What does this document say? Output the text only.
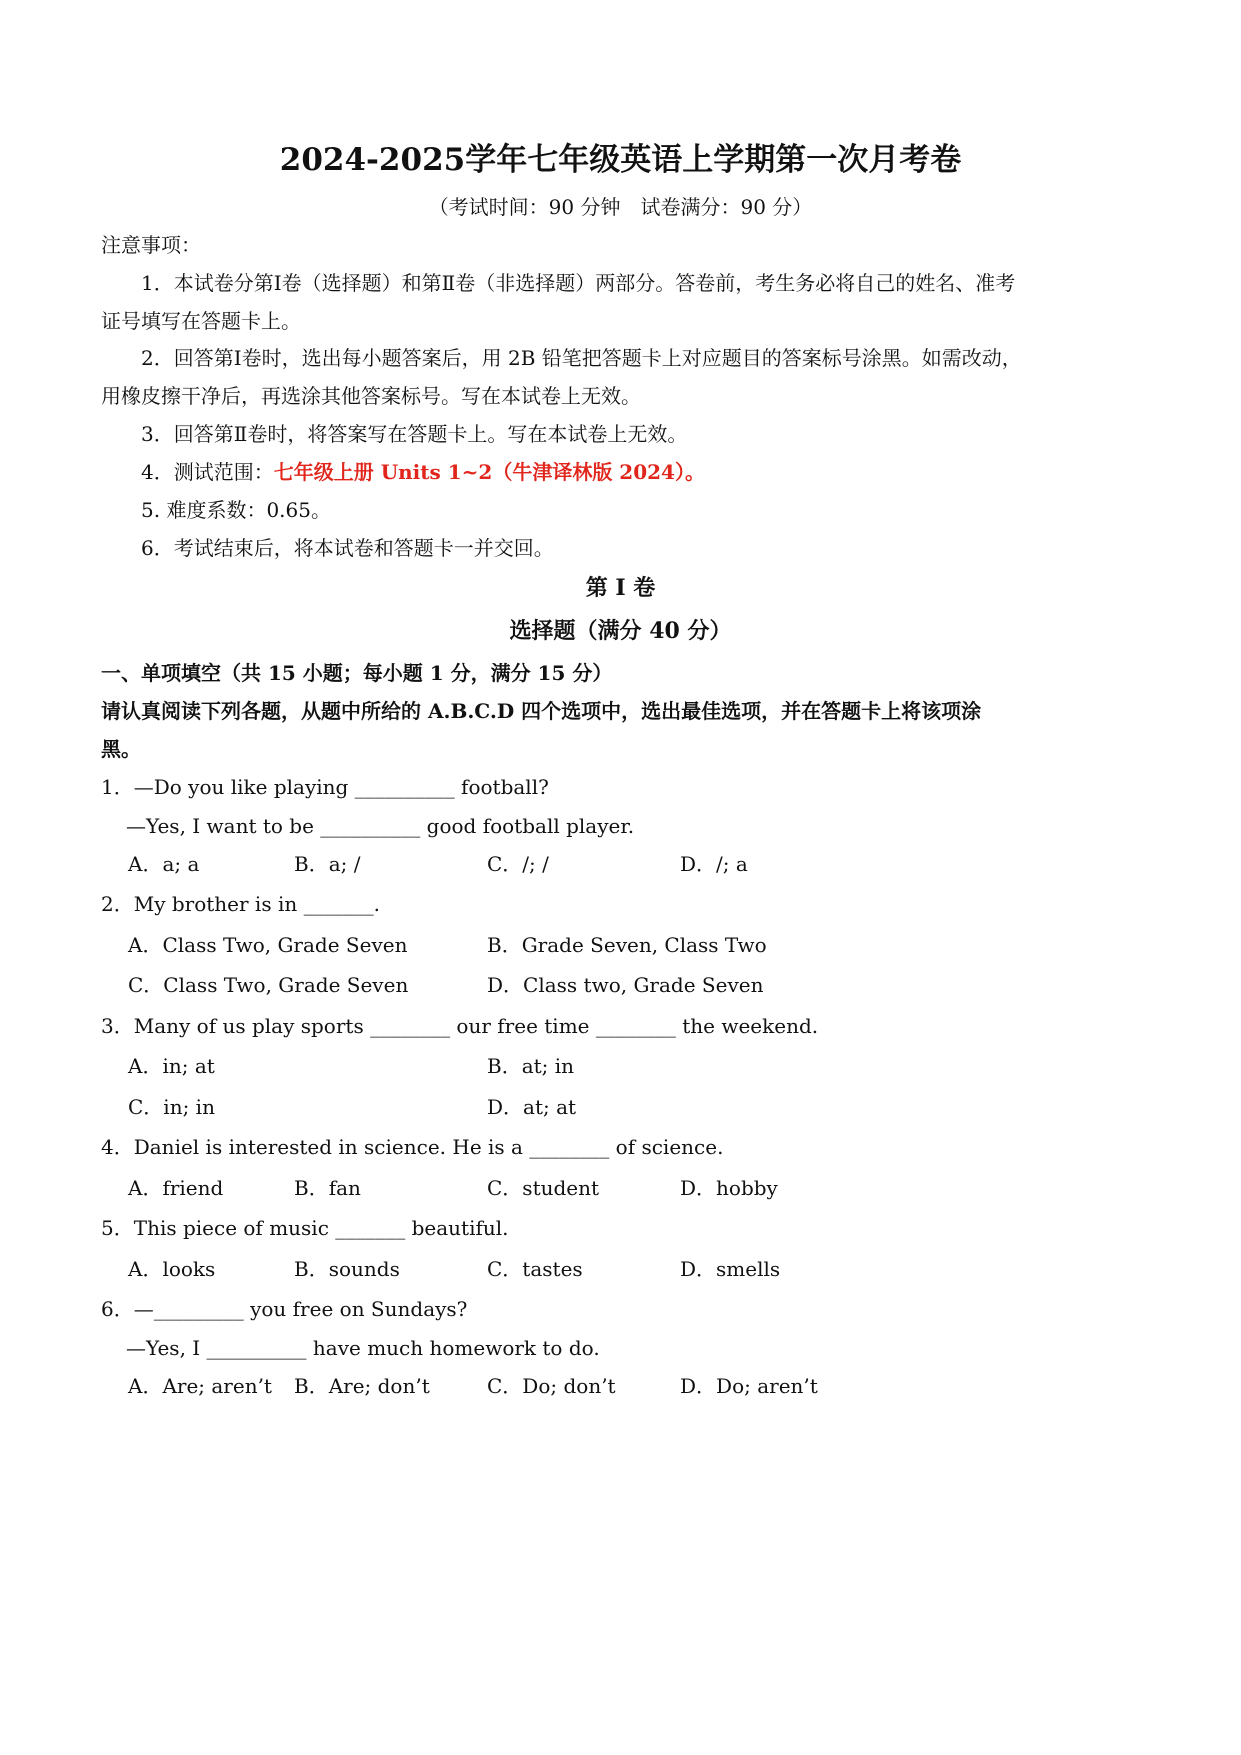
2024-2025学年七年级英语上学期第一次月考卷
（考试时间：90 分钟　试卷满分：90 分）
注意事项：
1．本试卷分第Ⅰ卷（选择题）和第Ⅱ卷（非选择题）两部分。答卷前，考生务必将自己的姓名、准考
证号填写在答题卡上。
2．回答第Ⅰ卷时，选出每小题答案后，用 2B 铅笔把答题卡上对应题目的答案标号涂黑。如需改动，
用橡皮擦干净后，再选涂其他答案标号。写在本试卷上无效。
3．回答第Ⅱ卷时，将答案写在答题卡上。写在本试卷上无效。
4．测试范围：七年级上册 Units 1~2（牛津译林版 2024）。
5. 难度系数：0.65。
6．考试结束后，将本试卷和答题卡一并交回。
第 I 卷
选择题（满分 40 分）
一、单项填空（共 15 小题；每小题 1 分，满分 15 分）
请认真阅读下列各题，从题中所给的 A.B.C.D 四个选项中，选出最佳选项，并在答题卡上将该项涂
黑。
1．—Do you like playing __________ football?
—Yes, I want to be __________ good football player.
A．a; a	B．a; /	C．/; /	D．/; a
2．My brother is in _______.
A．Class Two, Grade Seven	B．Grade Seven, Class Two
C．Class Two, Grade Seven	D．Class two, Grade Seven
3．Many of us play sports ________ our free time ________ the weekend.
A．in; at	B．at; in
C．in; in	D．at; at
4．Daniel is interested in science. He is a ________ of science.
A．friend	B．fan	C．student	D．hobby
5．This piece of music _______ beautiful.
A．looks	B．sounds	C．tastes	D．smells
6．—_________ you free on Sundays?
—Yes, I __________ have much homework to do.
A．Are; aren’t B．Are; don’t	C．Do; don’t	D．Do; aren’t
